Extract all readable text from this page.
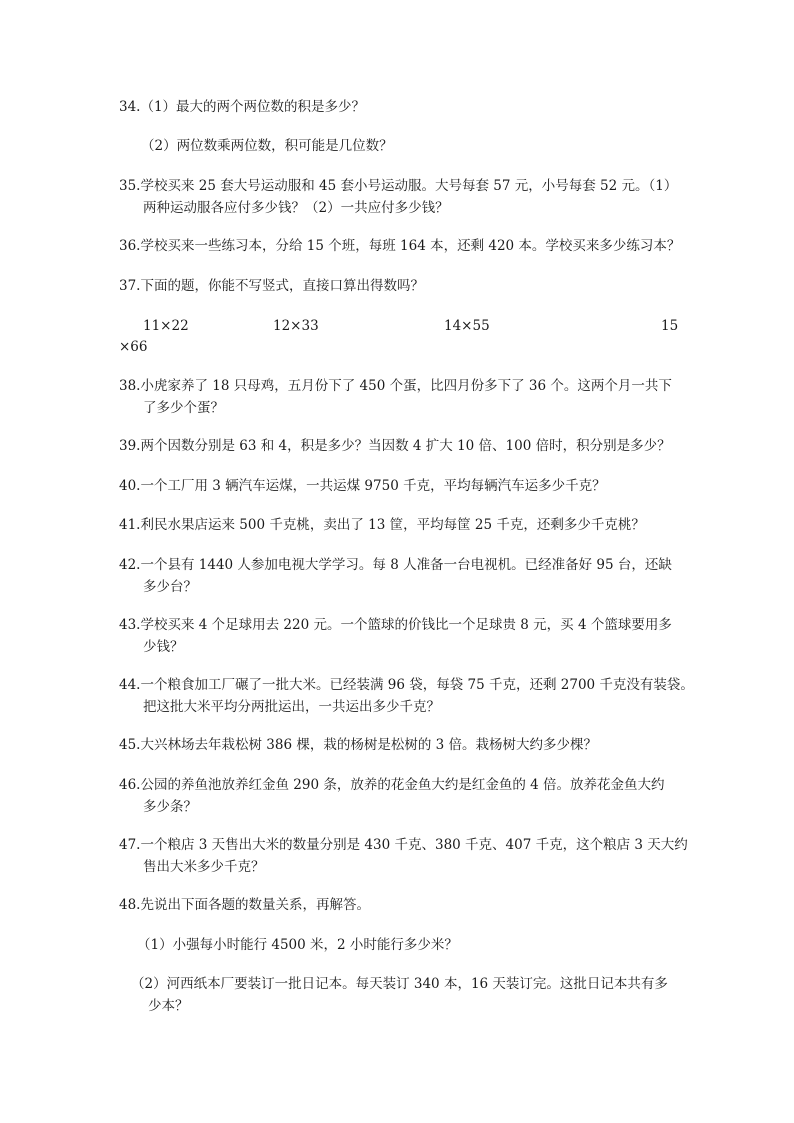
34.（1）最大的两个两位数的积是多少？

（2）两位数乘两位数，积可能是几位数？

35.学校买来 25 套大号运动服和 45 套小号运动服。大号每套 57 元，小号每套 52 元。（1）
两种运动服各应付多少钱？（2）一共应付多少钱？

36.学校买来一些练习本，分给 15 个班，每班 164 本，还剩 420 本。学校买来多少练习本？

37.下面的题，你能不写竖式，直接口算出得数吗？

11×22	12×33	14×55	15
×66

38.小虎家养了 18 只母鸡，五月份下了 450 个蛋，比四月份多下了 36 个。这两个月一共下
了多少个蛋？

39.两个因数分别是 63 和 4，积是多少？当因数 4 扩大 10 倍、100 倍时，积分别是多少？

40.一个工厂用 3 辆汽车运煤，一共运煤 9750 千克，平均每辆汽车运多少千克？

41.利民水果店运来 500 千克桃，卖出了 13 筐，平均每筐 25 千克，还剩多少千克桃？

42.一个县有 1440 人参加电视大学学习。每 8 人准备一台电视机。已经准备好 95 台，还缺
多少台？

43.学校买来 4 个足球用去 220 元。一个篮球的价钱比一个足球贵 8 元，买 4 个篮球要用多
少钱？

44.一个粮食加工厂碾了一批大米。已经装满 96 袋，每袋 75 千克，还剩 2700 千克没有装袋。
把这批大米平均分两批运出，一共运出多少千克？

45.大兴林场去年栽松树 386 棵，栽的杨树是松树的 3 倍。栽杨树大约多少棵？

46.公园的养鱼池放养红金鱼 290 条，放养的花金鱼大约是红金鱼的 4 倍。放养花金鱼大约
多少条？

47.一个粮店 3 天售出大米的数量分别是 430 千克、380 千克、407 千克，这个粮店 3 天大约
售出大米多少千克？

48.先说出下面各题的数量关系，再解答。

（1）小强每小时能行 4500 米，2 小时能行多少米？

（2）河西纸本厂要装订一批日记本。每天装订 340 本，16 天装订完。这批日记本共有多
少本？
